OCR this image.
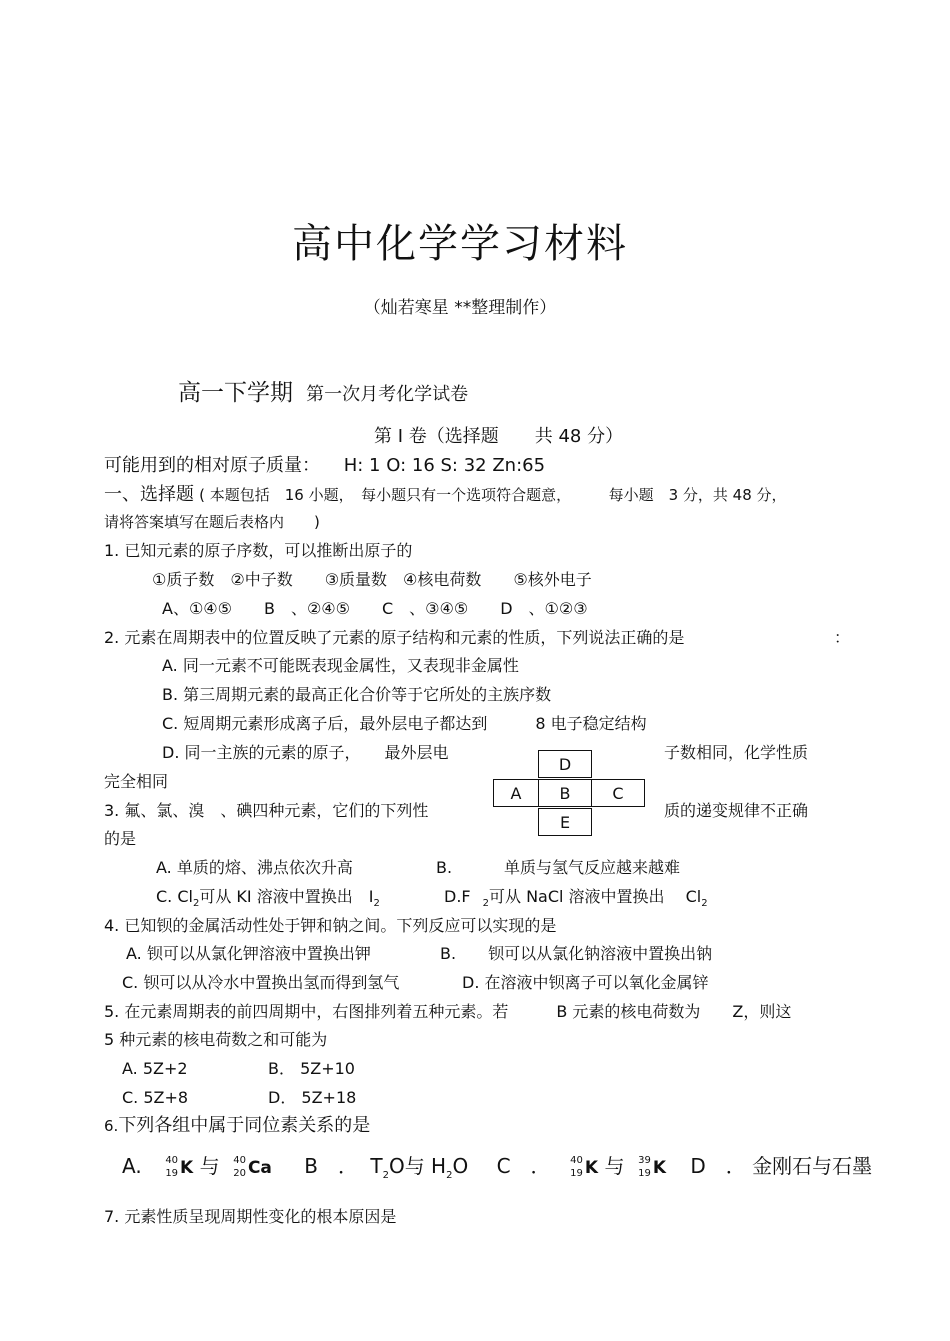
高中化学学习材料
（灿若寒星 **整理制作）
高一下学期 第一次月考化学试卷
第 I 卷（选择题　　共 48 分）
可能用到的相对原子质量： H: 1 O: 16 S: 32 Zn:65
一、选择题 ( 本题包括　16 小题，　每小题只有一个选项符合题意，　　　每小题　3 分，共 48 分，
请将答案填写在题后表格内　　)
1. 已知元素的原子序数，可以推断出原子的
①质子数　②中子数　　③质量数　④核电荷数　　⑤核外电子
A、①④⑤　　B　、②④⑤　　C　、③④⑤　　D　、①②③
2. 元素在周期表中的位置反映了元素的原子结构和元素的性质，下列说法正确的是	：
A. 同一元素不可能既表现金属性，又表现非金属性
B. 第三周期元素的最高正化合价等于它所处的主族序数
C. 短周期元素形成离子后，最外层电子都达到　　　8 电子稳定结构
D. 同一主族的元素的原子，　　最外层电	子数相同，化学性质
完全相同
D
A	B	C
E
3. 氟、氯、溴　、碘四种元素，它们的下列性	质的递变规律不正确
的是
A. 单质的熔、沸点依次升高	B.	单质与氢气反应越来越难
C. $Cl_2$可从 KI 溶液中置换出　$I_2$	D.F $_2$可从 NaCl 溶液中置换出　 $Cl_2$
4. 已知钡的金属活动性处于钾和钠之间。下列反应可以实现的是
A. 钡可以从氯化钾溶液中置换出钾	B.　　钡可以从氯化钠溶液中置换出钠
C. 钡可以从冷水中置换出氢而得到氢气	D. 在溶液中钡离子可以氧化金属锌
5. 在元素周期表的前四周期中，右图排列着五种元素。若　　　B 元素的核电荷数为　　Z，则这
5 种元素的核电荷数之和可能为
A. 5Z+2	B． 5Z+10
C. 5Z+8	D． 5Z+18
6.下列各组中属于同位素关系的是
A. 40
19 K 与 40
20 Ca B　． $T_2O$与 $H_2O$ C　． 40
19 K 与 39
19 K D　． 金刚石与石墨
7. 元素性质呈现周期性变化的根本原因是
